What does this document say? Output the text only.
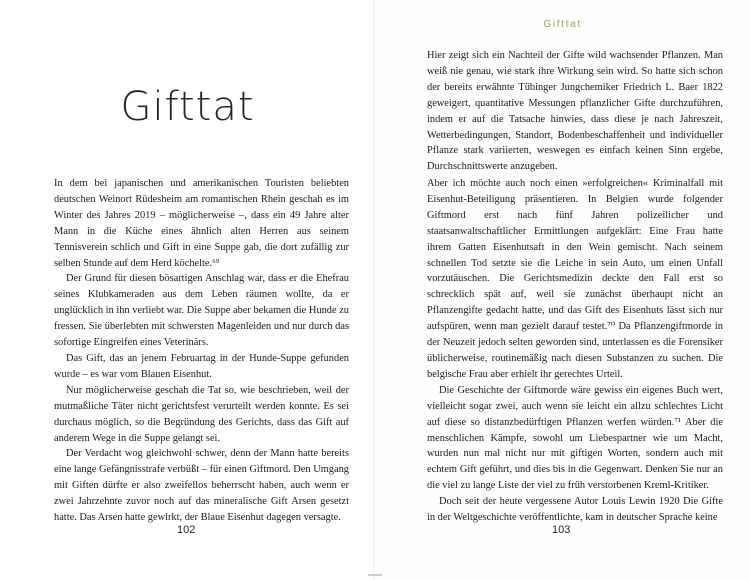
Gifttat

In dem bei japanischen und amerikanischen Touristen beliebten deutschen Weinort Rüdesheim am romantischen Rhein geschah es im Winter des Jahres 2019 – möglicherweise –, dass ein 49 Jahre alter Mann in die Küche eines ähnlich alten Herren aus seinem Tennisverein schlich und Gift in eine Suppe gab, die dort zufällig zur selben Stunde auf dem Herd köchelte.⁶⁹

Der Grund für diesen bösartigen Anschlag war, dass er die Ehefrau seines Klubkameraden aus dem Leben räumen wollte, da er unglücklich in ihn verliebt war. Die Suppe aber bekamen die Hunde zu fressen. Sie überlebten mit schwersten Magenleiden und nur durch das sofortige Eingreifen eines Veterinärs.

Das Gift, das an jenem Februartag in der Hunde-Suppe gefunden wurde – es war vom Blauen Eisenhut.

Nur möglicherweise geschah die Tat so, wie beschrieben, weil der mutmaßliche Täter nicht gerichtsfest verurteilt werden konnte. Es sei durchaus möglich, so die Begründung des Gerichts, dass das Gift auf anderem Wege in die Suppe gelangt sei.

Der Verdacht wog gleichwohl schwer, denn der Mann hatte bereits eine lange Gefängnisstrafe verbüßt – für einen Giftmord. Den Umgang mit Giften dürfte er also zweifellos beherrscht haben, auch wenn er zwei Jahrzehnte zuvor noch auf das mineralische Gift Arsen gesetzt hatte. Das Arsen hatte gewirkt, der Blaue Eisenhut dagegen versagte.

102
Gifttat

Hier zeigt sich ein Nachteil der Gifte wild wachsender Pflanzen. Man weiß nie genau, wie stark ihre Wirkung sein wird. So hatte sich schon der bereits erwähnte Tübinger Jungchemiker Friedrich L. Baer 1822 geweigert, quantitative Messungen pflanzlicher Gifte durchzuführen, indem er auf die Tatsache hinwies, dass diese je nach Jahreszeit, Wetterbedingungen, Standort, Bodenbeschaffenheit und individueller Pflanze stark variierten, weswegen es einfach keinen Sinn ergebe, Durchschnittswerte anzugeben.

Aber ich möchte auch noch einen »erfolgreichen« Kriminalfall mit Eisenhut-Beteiligung präsentieren. In Belgien wurde folgender Giftmord erst nach fünf Jahren polizeilicher und staatsanwaltschaftlicher Ermittlungen aufgeklärt: Eine Frau hatte ihrem Gatten Eisenhutsaft in den Wein gemischt. Nach seinem schnellen Tod setzte sie die Leiche in sein Auto, um einen Unfall vorzutäuschen. Die Gerichtsmedizin deckte den Fall erst so schrecklich spät auf, weil sie zunächst überhaupt nicht an Pflanzengifte gedacht hatte, und das Gift des Eisenhuts lässt sich nur aufspüren, wenn man gezielt darauf testet.⁷⁰ Da Pflanzengiftmorde in der Neuzeit jedoch selten geworden sind, unterlassen es die Forensiker üblicherweise, routinemäßig nach diesen Substanzen zu suchen. Die belgische Frau aber erhielt ihr gerechtes Urteil.

Die Geschichte der Giftmorde wäre gewiss ein eigenes Buch wert, vielleicht sogar zwei, auch wenn sie leicht ein allzu schlechtes Licht auf diese so distanzbedürftigen Pflanzen werfen würden.⁷¹ Aber die menschlichen Kämpfe, sowohl um Liebespartner wie um Macht, wurden nun mal nicht nur mit giftigen Worten, sondern auch mit echtem Gift geführt, und dies bis in die Gegenwart. Denken Sie nur an die viel zu lange Liste der viel zu früh verstorbenen Kreml-Kritiker.

Doch seit der heute vergessene Autor Louis Lewin 1920 Die Gifte in der Weltgeschichte veröffentlichte, kam in deutscher Sprache keine

103
